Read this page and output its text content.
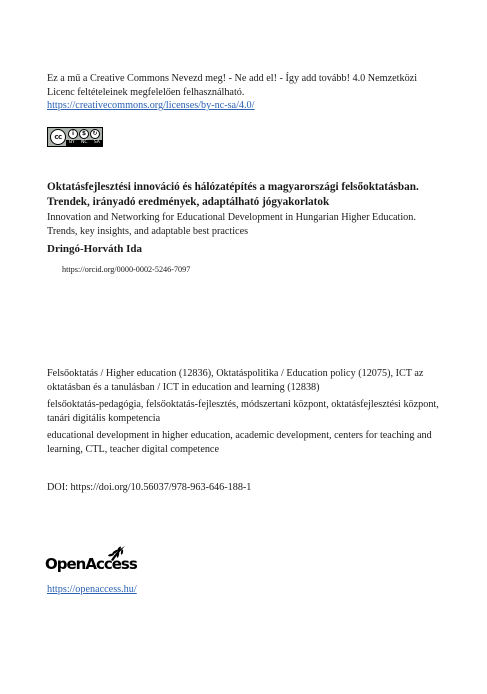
Ez a mű a Creative Commons Nevezd meg! - Ne add el! - Így add tovább! 4.0 Nemzetközi
Licenc feltételeinek megfelelően felhasználható.
https://creativecommons.org/licenses/by-nc-sa/4.0/
cc	i	$	↻
BY NC SA
Oktatásfejlesztési innováció és hálózatépítés a magyarországi felsőoktatásban. Trendek, irányadó eredmények, adaptálható jógyakorlatok
Innovation and Networking for Educational Development in Hungarian Higher Education. Trends, key insights, and adaptable best practices
Dringó-Horváth Ida
https://orcid.org/0000-0002-5246-7097
Felsőoktatás / Higher education (12836), Oktatáspolitika / Education policy (12075), ICT az oktatásban és a tanulásban / ICT in education and learning (12838)
felsőoktatás-pedagógia, felsőoktatás-fejlesztés, módszertani központ, oktatásfejlesztési központ, tanári digitális kompetencia
educational development in higher education, academic development, centers for teaching and learning, CTL, teacher digital competence
DOI: https://doi.org/10.56037/978-963-646-188-1
OpenAccess
https://openaccess.hu/
